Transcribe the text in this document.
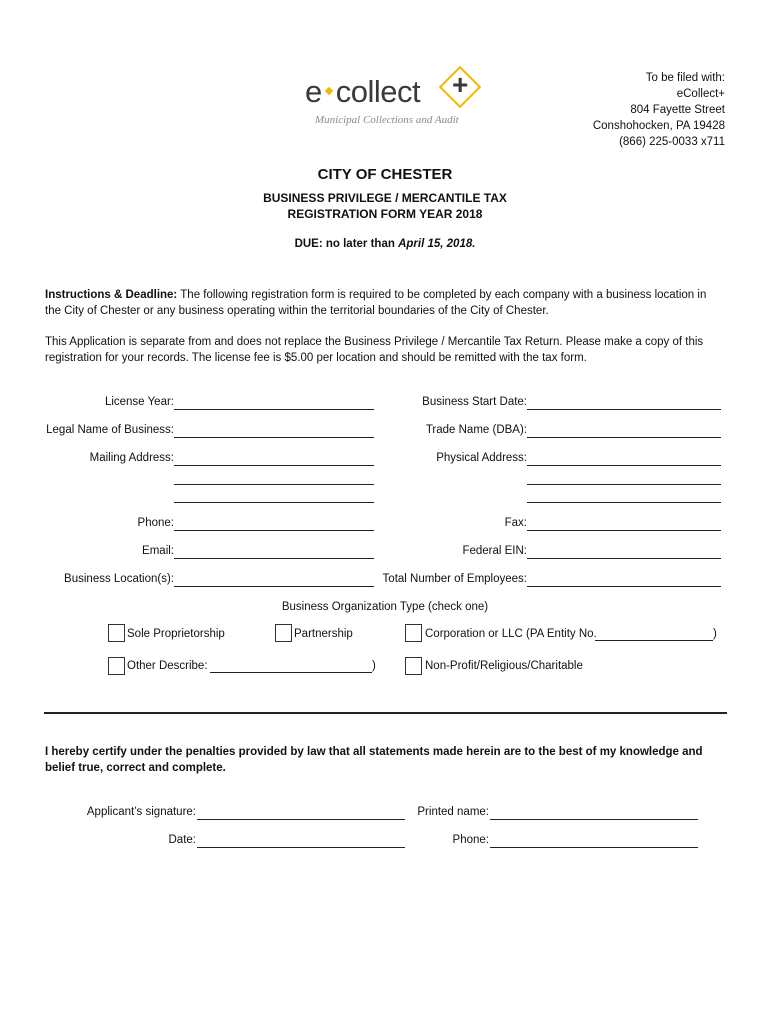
e collect +
Municipal Collections and Audit
To be filed with:
eCollect+
804 Fayette Street
Conshohocken, PA 19428
(866) 225-0033 x711
CITY OF CHESTER
BUSINESS PRIVILEGE / MERCANTILE TAX
REGISTRATION FORM YEAR 2018
DUE: no later than April 15, 2018.
Instructions & Deadline: The following registration form is required to be completed by each company with a business location in the City of Chester or any business operating within the territorial boundaries of the City of Chester.
This Application is separate from and does not replace the Business Privilege / Mercantile Tax Return. Please make a copy of this registration for your records. The license fee is $5.00 per location and should be remitted with the tax form.
License Year:	Business Start Date:
Legal Name of Business:	Trade Name (DBA):
Mailing Address:	Physical Address:
Phone:	Fax:
Email:	Federal EIN:
Business Location(s):	Total Number of Employees:
Business Organization Type (check one)
Sole Proprietorship	Partnership	Corporation or LLC (PA Entity No.	)
Other Describe:	)	Non-Profit/Religious/Charitable
I hereby certify under the penalties provided by law that all statements made herein are to the best of my knowledge and belief true, correct and complete.
Applicant’s signature:	Printed name:
Date:	Phone:
